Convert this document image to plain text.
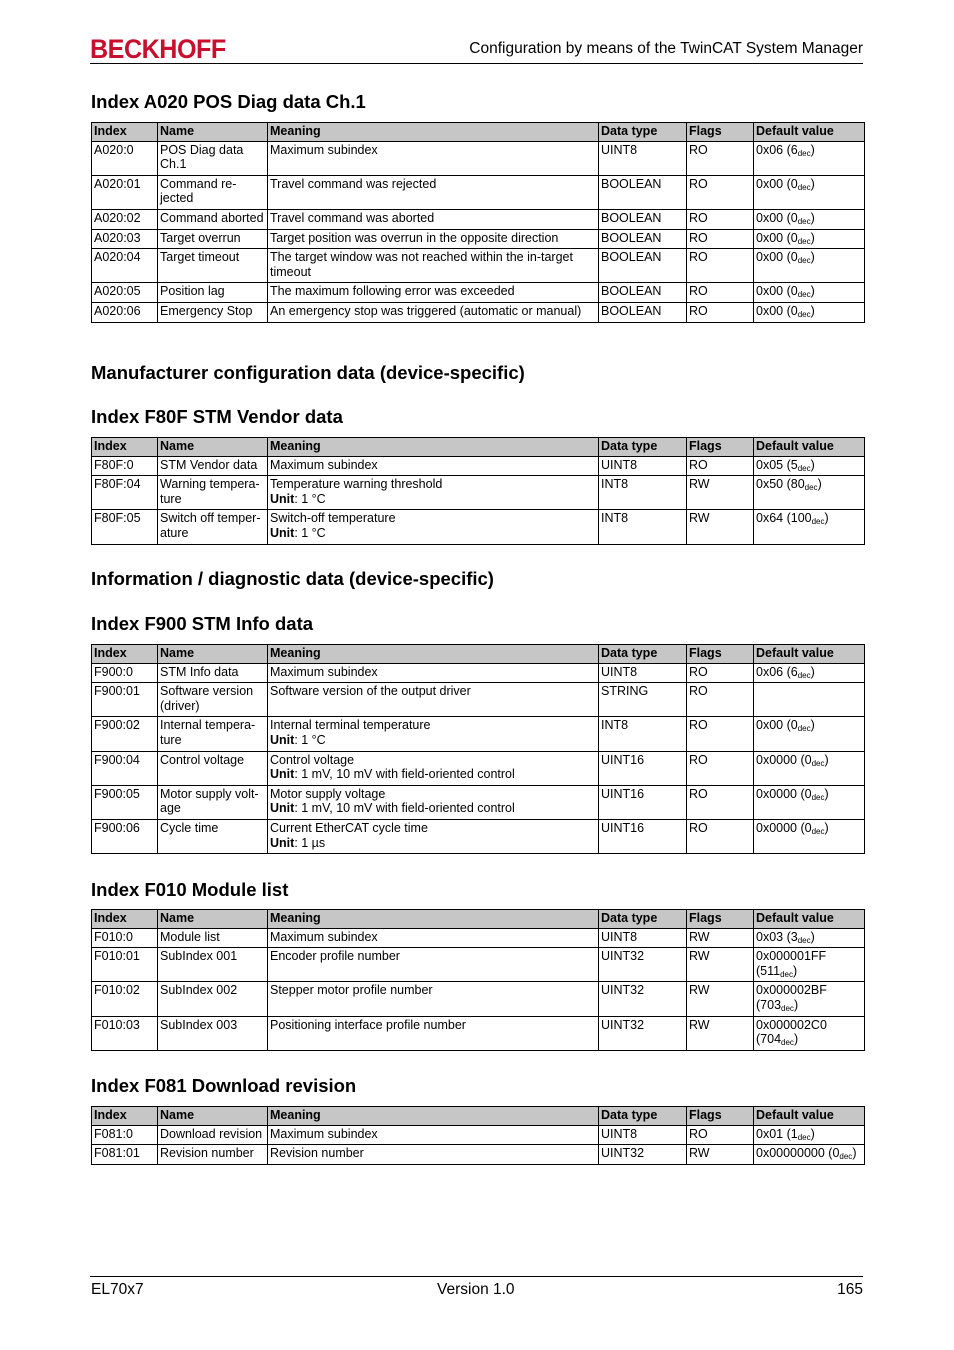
BECKHOFF	Configuration by means of the TwinCAT System Manager
Index A020 POS Diag data Ch.1
Index	Name	Meaning	Data type	Flags	Default value
A020:0	POS Diag data Ch.1	Maximum subindex	UINT8	RO	0x06 $(6_{dec})$
A020:01	Command re-jected	Travel command was rejected	BOOLEAN	RO	0x00 $(0_{dec})$
A020:02	Command aborted	Travel command was aborted	BOOLEAN	RO	0x00 $(0_{dec})$
A020:03	Target overrun	Target position was overrun in the opposite direction	BOOLEAN	RO	0x00 $(0_{dec})$
A020:04	Target timeout	The target window was not reached within the in-target timeout	BOOLEAN	RO	0x00 $(0_{dec})$
A020:05	Position lag	The maximum following error was exceeded	BOOLEAN	RO	0x00 $(0_{dec})$
A020:06	Emergency Stop	An emergency stop was triggered (automatic or manual)	BOOLEAN	RO	0x00 $(0_{dec})$
Manufacturer configuration data (device-specific)
Index F80F STM Vendor data
Index	Name	Meaning	Data type	Flags	Default value
F80F:0	STM Vendor data	Maximum subindex	UINT8	RO	0x05 $(5_{dec})$
F80F:04	Warning tempera-ture	Temperature warning threshold
Unit: 1 °C	INT8	RW	0x50 $(80_{dec})$
F80F:05	Switch off temper-ature	Switch-off temperature
Unit: 1 °C	INT8	RW	0x64 $(100_{dec})$
Information / diagnostic data (device-specific)
Index F900 STM Info data
Index	Name	Meaning	Data type	Flags	Default value
F900:0	STM Info data	Maximum subindex	UINT8	RO	0x06 $(6_{dec})$
F900:01	Software version (driver)	Software version of the output driver	STRING	RO	
F900:02	Internal tempera-ture	Internal terminal temperature
Unit: 1 °C	INT8	RO	0x00 $(0_{dec})$
F900:04	Control voltage	Control voltage
Unit: 1 mV, 10 mV with field-oriented control	UINT16	RO	0x0000 $(0_{dec})$
F900:05	Motor supply volt-age	Motor supply voltage
Unit: 1 mV, 10 mV with field-oriented control	UINT16	RO	0x0000 $(0_{dec})$
F900:06	Cycle time	Current EtherCAT cycle time
Unit: 1 µs	UINT16	RO	0x0000 $(0_{dec})$
Index F010 Module list
Index	Name	Meaning	Data type	Flags	Default value
F010:0	Module list	Maximum subindex	UINT8	RW	0x03 $(3_{dec})$
F010:01	SubIndex 001	Encoder profile number	UINT32	RW	0x000001FF $(511_{dec})$
F010:02	SubIndex 002	Stepper motor profile number	UINT32	RW	0x000002BF $(703_{dec})$
F010:03	SubIndex 003	Positioning interface profile number	UINT32	RW	0x000002C0 $(704_{dec})$
Index F081 Download revision
Index	Name	Meaning	Data type	Flags	Default value
F081:0	Download revision	Maximum subindex	UINT8	RO	0x01 $(1_{dec})$
F081:01	Revision number	Revision number	UINT32	RW	0x00000000 $(0_{dec})$
EL70x7	Version 1.0	165
